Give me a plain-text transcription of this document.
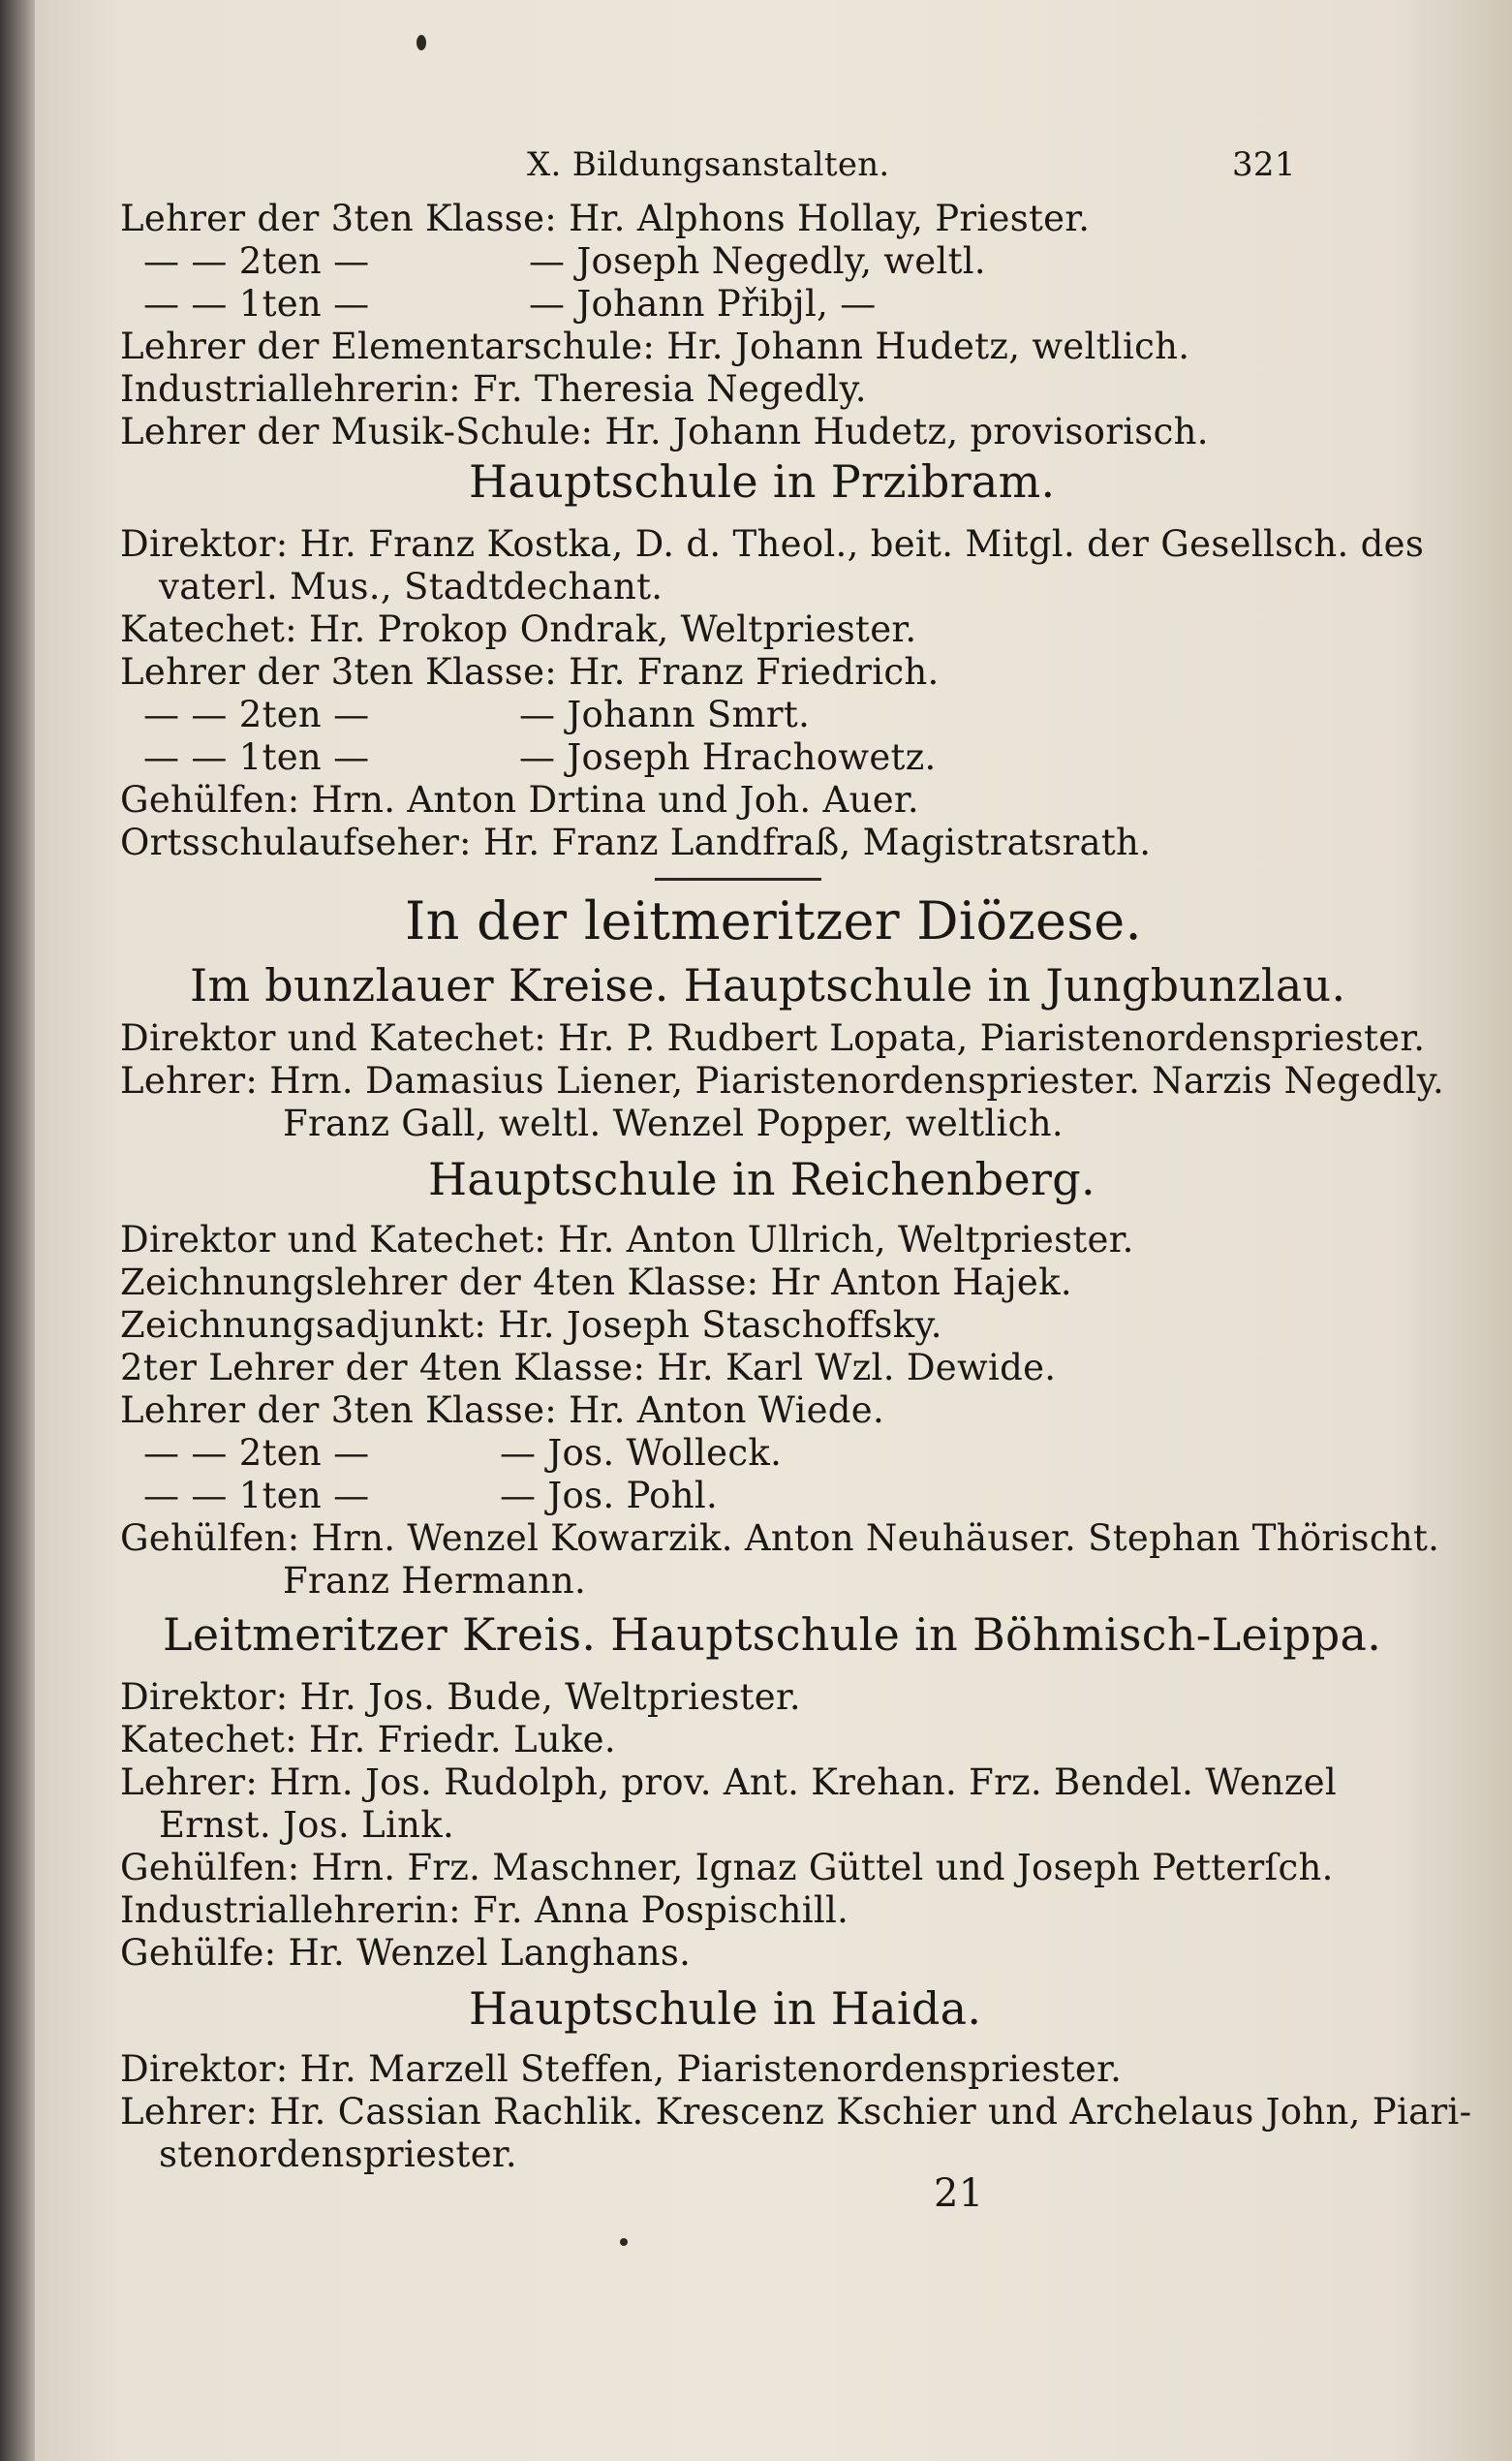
X. Bildungsanstalten.	321
Lehrer der 3ten Klasse: Hr. Alphons Hollay, Priester.
— — 2ten —	— Joseph Negedly, weltl.
— — 1ten —	— Johann Přibjl, —
Lehrer der Elementarschule: Hr. Johann Hudetz, weltlich.
Industriallehrerin: Fr. Theresia Negedly.
Lehrer der Musik-Schule: Hr. Johann Hudetz, provisorisch.
Hauptschule in Przibram.
Direktor: Hr. Franz Kostka, D. d. Theol., beit. Mitgl. der Gesellsch. des
vaterl. Mus., Stadtdechant.
Katechet: Hr. Prokop Ondrak, Weltpriester.
Lehrer der 3ten Klasse: Hr. Franz Friedrich.
— — 2ten —	— Johann Smrt.
— — 1ten —	— Joseph Hrachowetz.
Gehülfen: Hrn. Anton Drtina und Joh. Auer.
Ortsschulaufseher: Hr. Franz Landfraß, Magistratsrath.
In der leitmeritzer Diözese.
Im bunzlauer Kreise. Hauptschule in Jungbunzlau.
Direktor und Katechet: Hr. P. Rudbert Lopata, Piaristenordenspriester.
Lehrer: Hrn. Damasius Liener, Piaristenordenspriester. Narzis Negedly.
Franz Gall, weltl. Wenzel Popper, weltlich.
Hauptschule in Reichenberg.
Direktor und Katechet: Hr. Anton Ullrich, Weltpriester.
Zeichnungslehrer der 4ten Klasse: Hr Anton Hajek.
Zeichnungsadjunkt: Hr. Joseph Staschoffsky.
2ter Lehrer der 4ten Klasse: Hr. Karl Wzl. Dewide.
Lehrer der 3ten Klasse: Hr. Anton Wiede.
— — 2ten —	— Jos. Wolleck.
— — 1ten —	— Jos. Pohl.
Gehülfen: Hrn. Wenzel Kowarzik. Anton Neuhäuser. Stephan Thörischt.
Franz Hermann.
Leitmeritzer Kreis. Hauptschule in Böhmisch-Leippa.
Direktor: Hr. Jos. Bude, Weltpriester.
Katechet: Hr. Friedr. Luke.
Lehrer: Hrn. Jos. Rudolph, prov. Ant. Krehan. Frz. Bendel. Wenzel
Ernst. Jos. Link.
Gehülfen: Hrn. Frz. Maschner, Ignaz Güttel und Joseph Petterſch.
Industriallehrerin: Fr. Anna Pospischill.
Gehülfe: Hr. Wenzel Langhans.
Hauptschule in Haida.
Direktor: Hr. Marzell Steffen, Piaristenordenspriester.
Lehrer: Hr. Cassian Rachlik. Krescenz Kschier und Archelaus John, Piari-
stenordenspriester.
21
